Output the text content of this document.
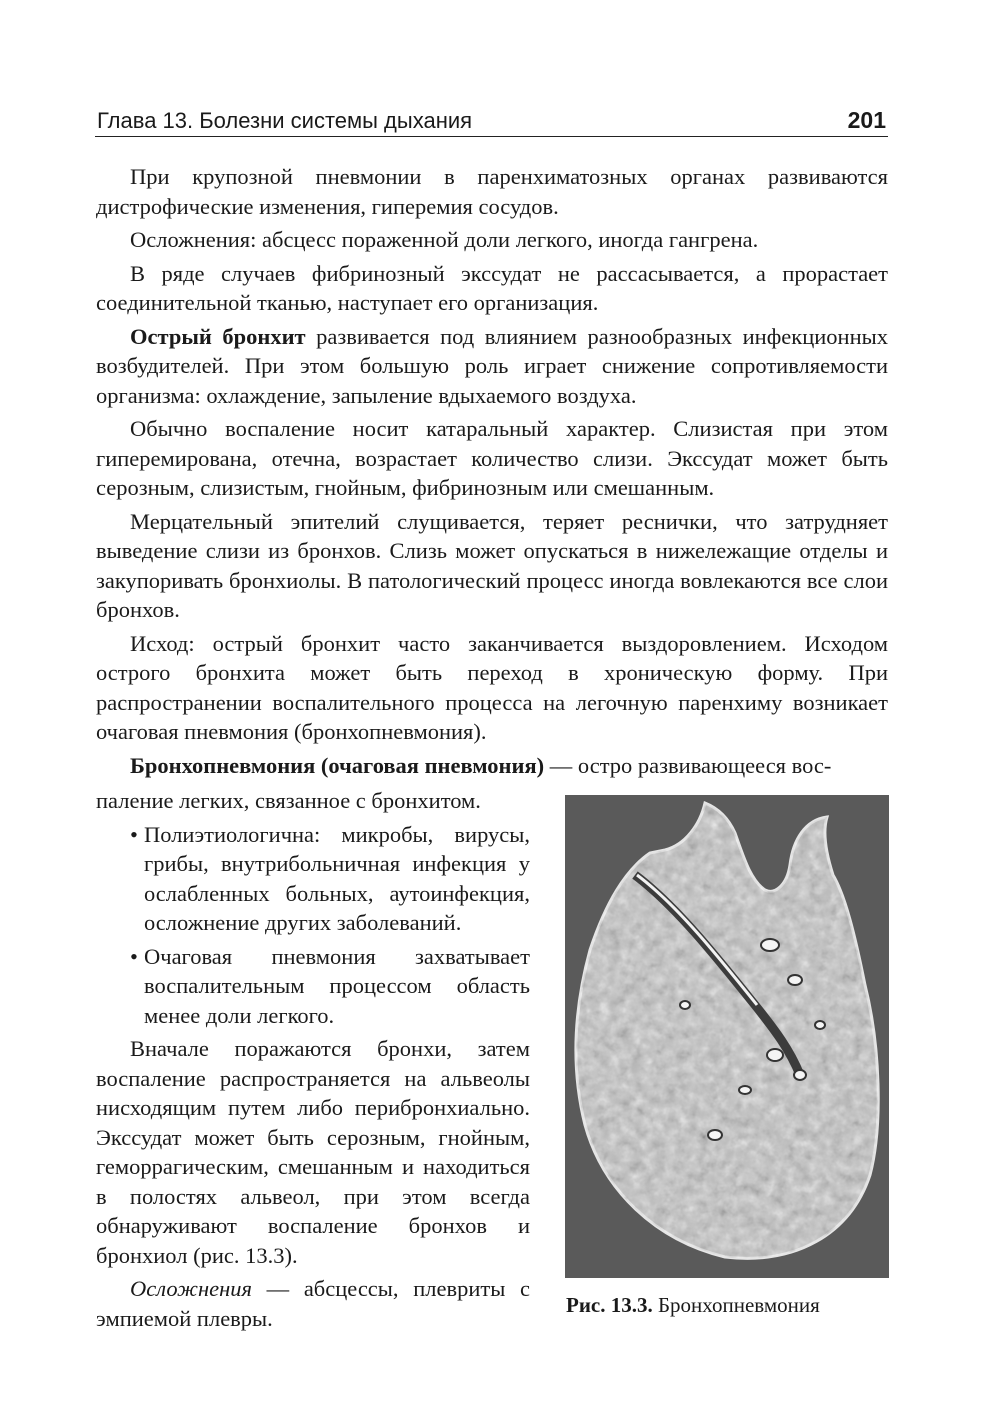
Глава 13. Болезни системы дыхания	201

При крупозной пневмонии в паренхиматозных органах развиваются дистрофические изменения, гиперемия сосудов.

Осложнения: абсцесс пораженной доли легкого, иногда гангрена.

В ряде случаев фибринозный экссудат не рассасывается, а прорастает соединительной тканью, наступает его организация.

Острый бронхит развивается под влиянием разнообразных инфекционных возбудителей. При этом большую роль играет снижение сопротивляемости организма: охлаждение, запыление вдыхаемого воздуха.

Обычно воспаление носит катаральный характер. Слизистая при этом гиперемирована, отечна, возрастает количество слизи. Экссудат может быть серозным, слизистым, гнойным, фибринозным или смешанным.

Мерцательный эпителий слущивается, теряет реснички, что затрудняет выведение слизи из бронхов. Слизь может опускаться в нижележащие отделы и закупоривать бронхиолы. В патологический процесс иногда вовлекаются все слои бронхов.

Исход: острый бронхит часто заканчивается выздоровлением. Исходом острого бронхита может быть переход в хроническую форму. При распространении воспалительного процесса на легочную паренхиму возникает очаговая пневмония (бронхопневмония).

Бронхопневмония (очаговая пневмония) — остро развивающееся вос-

паление легких, связанное с бронхитом.

• Полиэтиологична: микробы, вирусы, грибы, внутрибольничная инфекция у ослабленных больных, аутоинфекция, осложнение других заболеваний.
• Очаговая пневмония захватывает воспалительным процессом область менее доли легкого.

Вначале поражаются бронхи, затем воспаление распространяется на альвеолы нисходящим путем либо перибронхиально. Экссудат может быть серозным, гнойным, геморрагическим, смешанным и находиться в полостях альвеол, при этом всегда обнаруживают воспаление бронхов и бронхиол (рис. 13.3).

Осложнения — абсцессы, плевриты с эмпиемой плевры.

Рис. 13.3. Бронхопневмония
